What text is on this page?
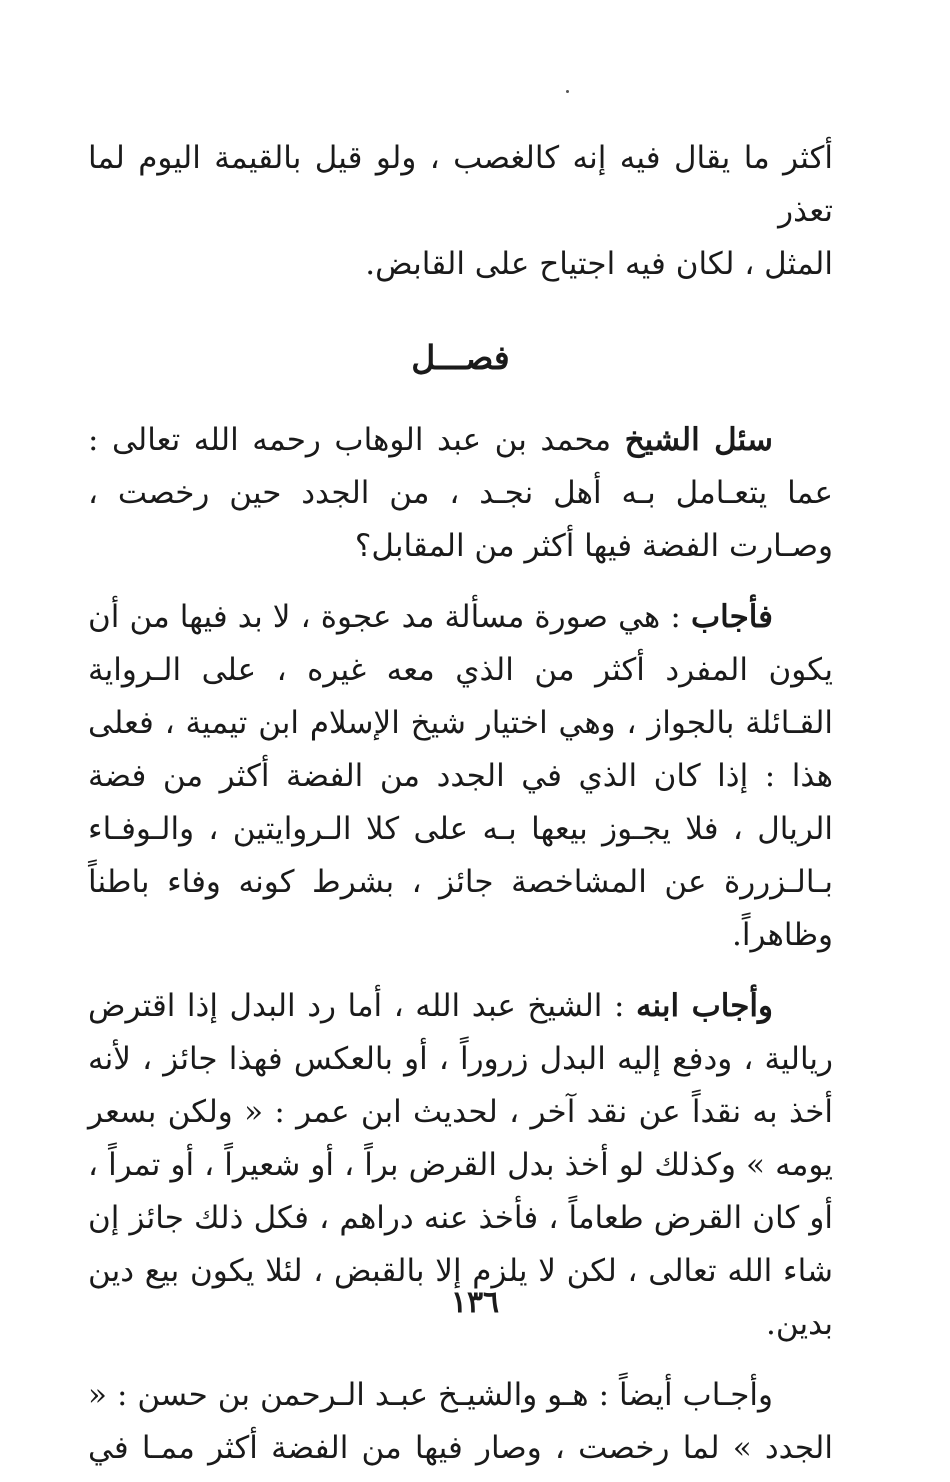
أكثر ما يقال فيه إنه كالغصب ، ولو قيل بالقيمة اليوم لما تعذر

المثل ، لكان فيه اجتياح على القابض.

فصـــل

سئل الشيخ محمد بن عبد الوهاب رحمه الله تعالى : عما يتعـامل بـه أهل نجـد ، من الجدد حين رخصت ، وصـارت الفضة فيها أكثر من المقابل؟

فأجاب : هي صورة مسألة مد عجوة ، لا بد فيها من أن يكون المفرد أكثر من الذي معه غيره ، على الـرواية القـائلة بالجواز ، وهي اختيار شيخ الإسلام ابن تيمية ، فعلى هذا : إذا كان الذي في الجدد من الفضة أكثر من فضة الريال ، فلا يجـوز بيعها بـه على كلا الـروايتين ، والـوفـاء بـالـزررة عن المشاخصة جائز ، بشرط كونه وفاء باطناً وظاهراً.

وأجاب ابنه : الشيخ عبد الله ، أما رد البدل إذا اقترض ريالية ، ودفع إليه البدل زروراً ، أو بالعكس فهذا جائز ، لأنه أخذ به نقداً عن نقد آخر ، لحديث ابن عمر : « ولكن بسعر يومه » وكذلك لو أخذ بدل القرض براً ، أو شعيراً ، أو تمراً ، أو كان القرض طعاماً ، فأخذ عنه دراهم ، فكل ذلك جائز إن شاء الله تعالى ، لكن لا يلزم إلا بالقبض ، لئلا يكون بيع دين بدين.

وأجـاب أيضاً : هـو والشيـخ عبـد الـرحمن بن حسن : « الجدد » لما رخصت ، وصار فيها من الفضة أكثر ممـا في

١٣٦
